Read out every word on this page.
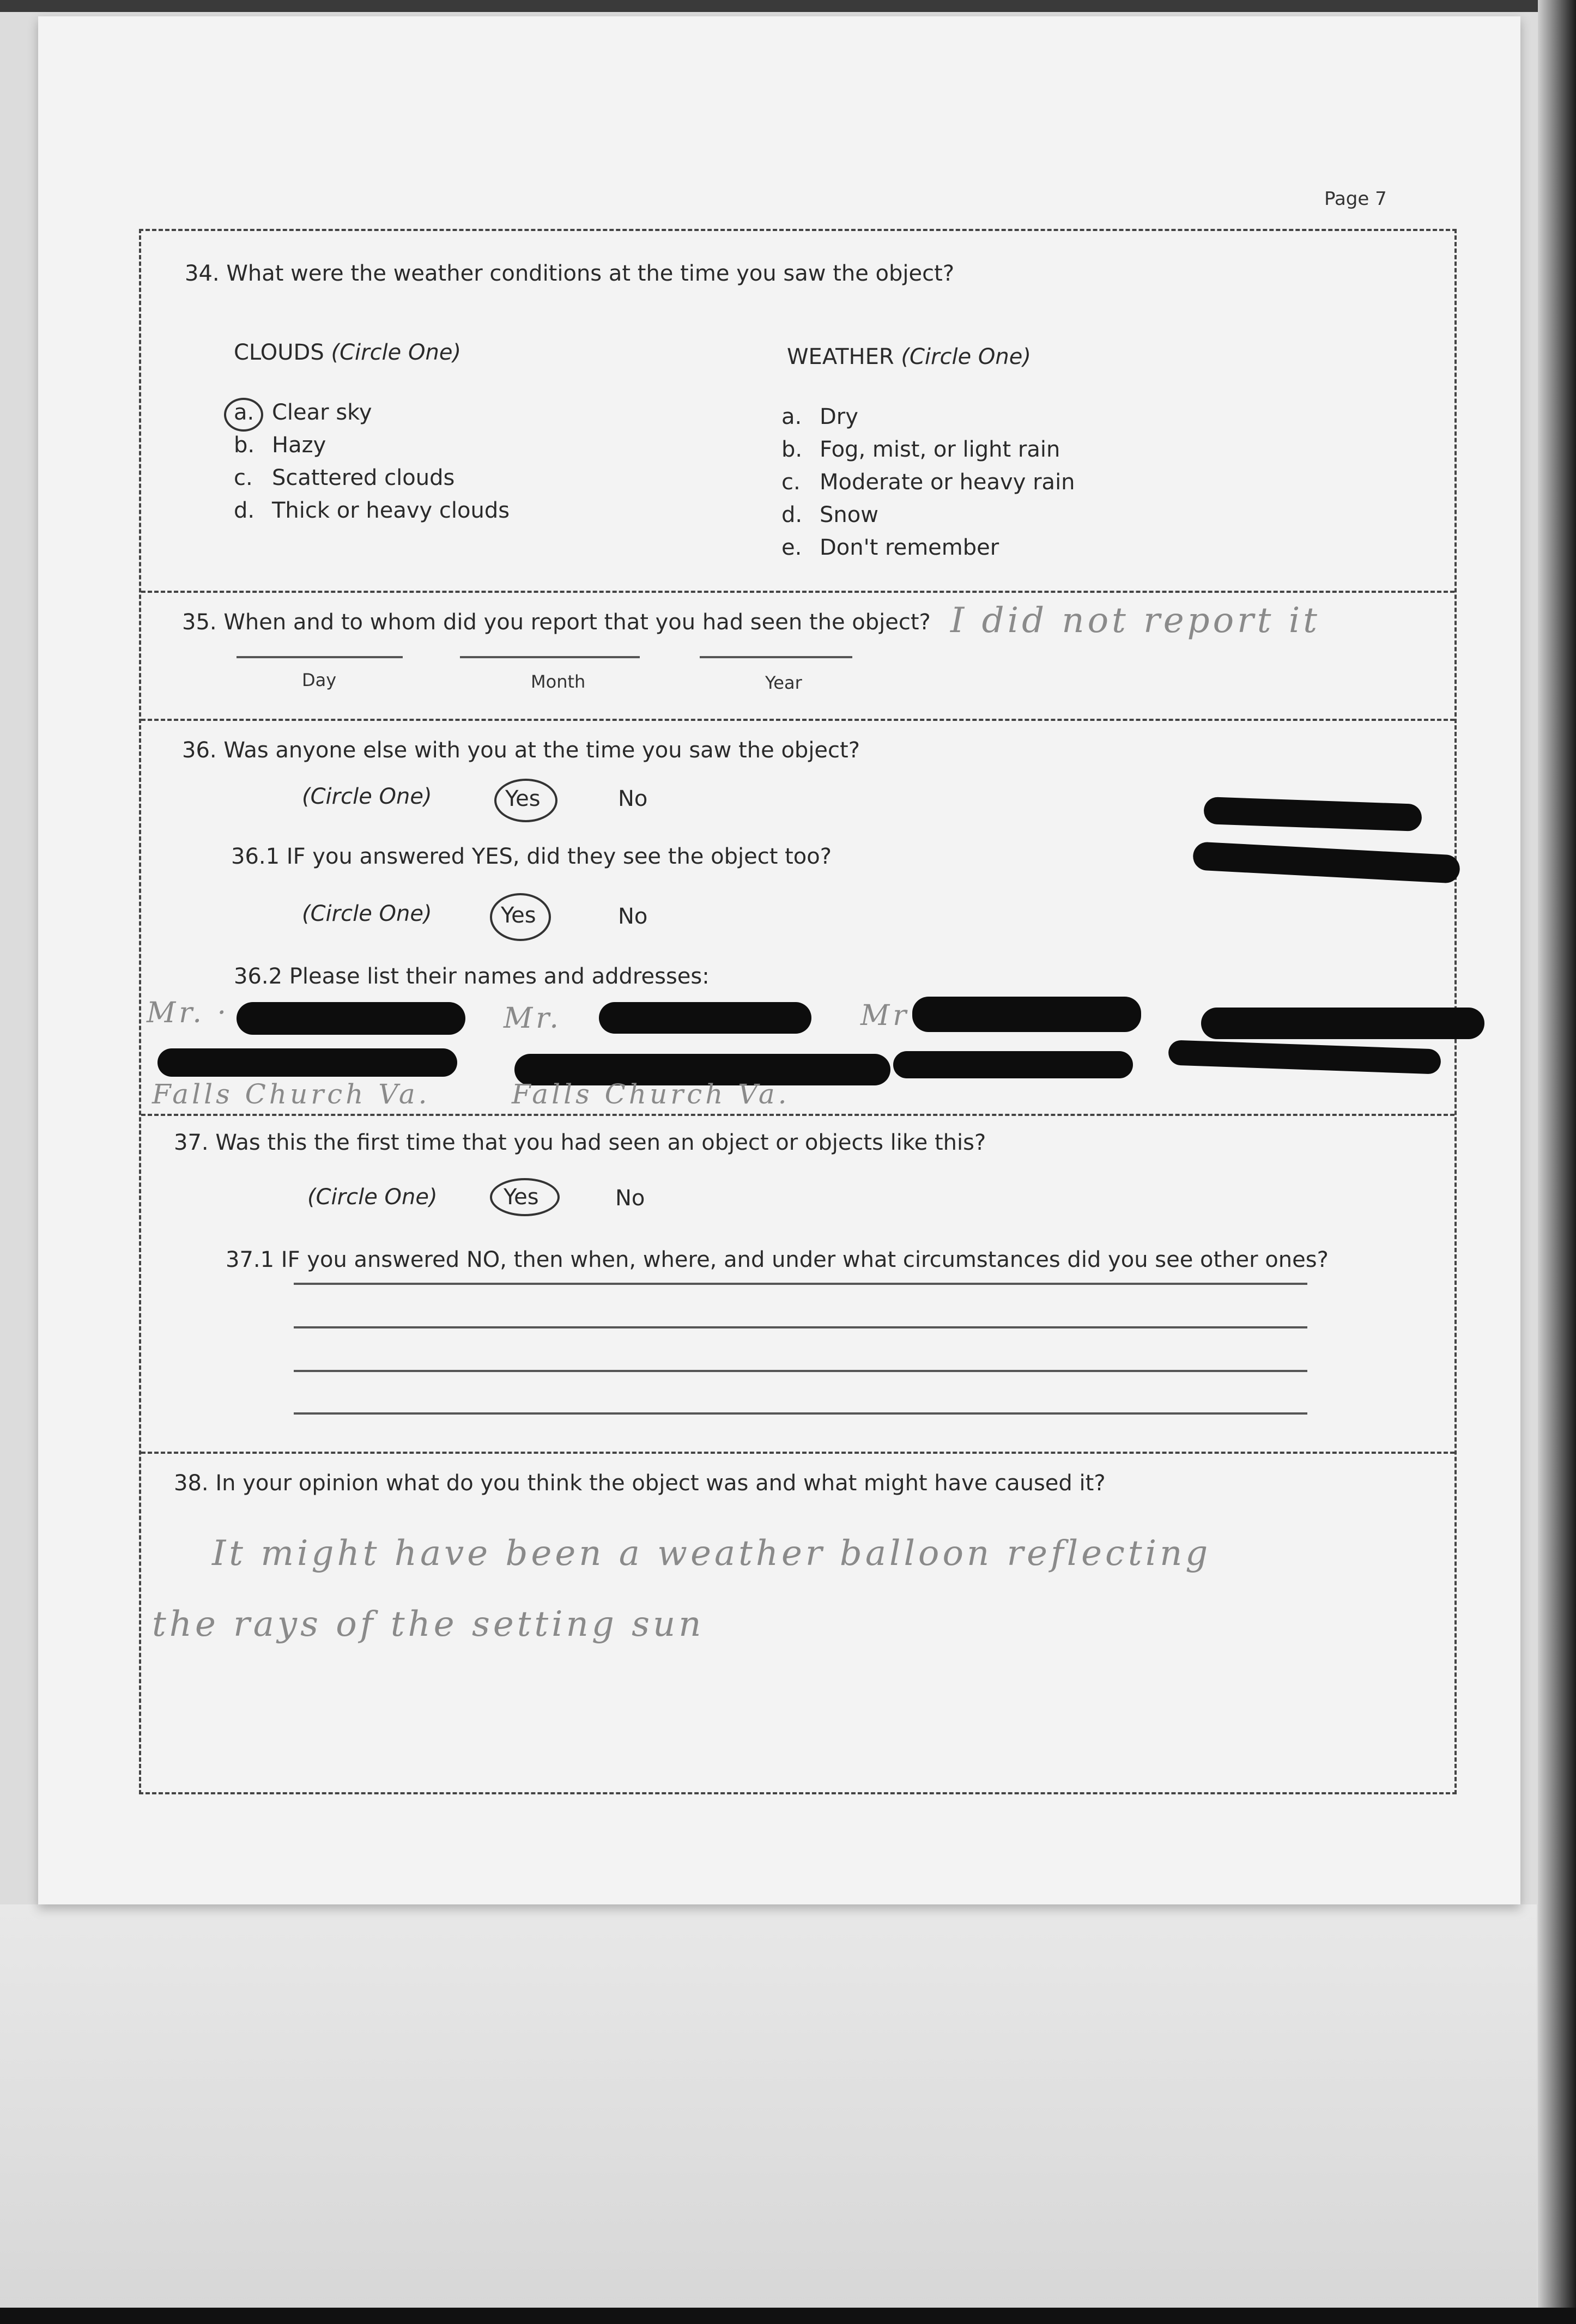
Page 7
34. What were the weather conditions at the time you saw the object?
CLOUDS (Circle One)	WEATHER (Circle One)
a. Clear sky
b. Hazy
c. Scattered clouds
d. Thick or heavy clouds
a. Dry
b. Fog, mist, or light rain
c. Moderate or heavy rain
d. Snow
e. Don't remember
35. When and to whom did you report that you had seen the object? I did not report it
Day	Month	Year
36. Was anyone else with you at the time you saw the object?
(Circle One)	Yes	No
36.1 IF you answered YES, did they see the object too?
(Circle One)	Yes	No
36.2 Please list their names and addresses:
Mr. ·	Mr.	Mr
Falls Church Va.	Falls Church Va.
37. Was this the first time that you had seen an object or objects like this?
(Circle One)	Yes	No
37.1 IF you answered NO, then when, where, and under what circumstances did you see other ones?
38. In your opinion what do you think the object was and what might have caused it?
It might have been a weather balloon reflecting
the rays of the setting sun
